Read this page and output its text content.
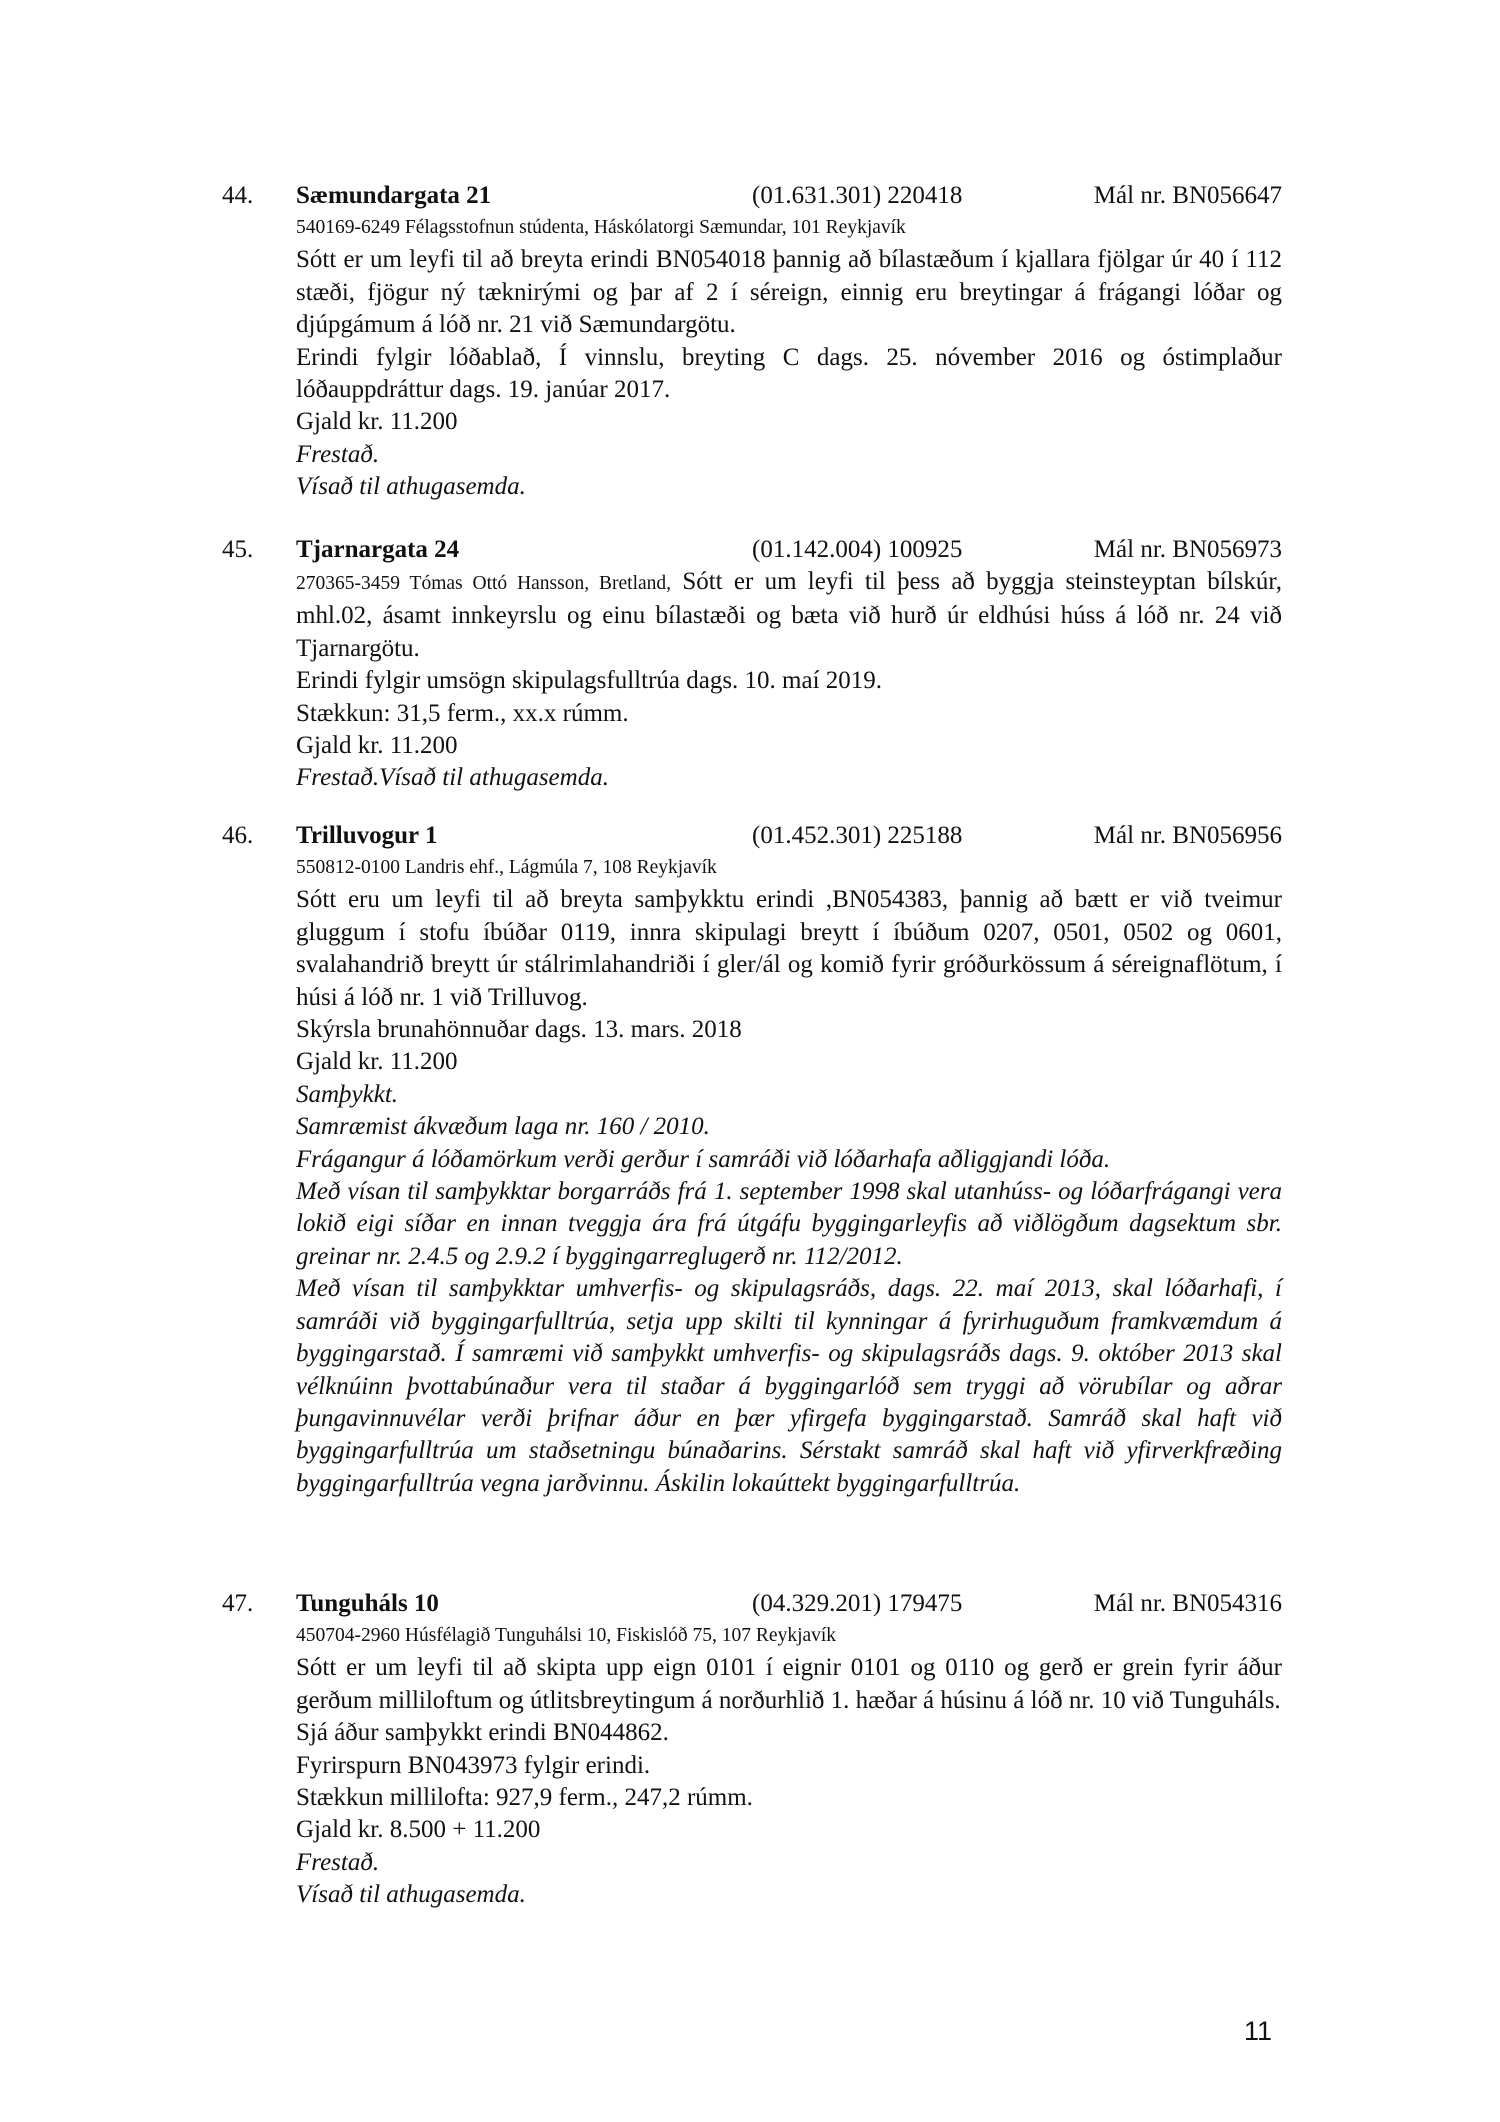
44. Sæmundargata 21	(01.631.301) 220418	Mál nr. BN056647

540169-6249 Félagsstofnun stúdenta, Háskólatorgi Sæmundar, 101 Reykjavík

Sótt er um leyfi til að breyta erindi BN054018 þannig að bílastæðum í kjallara fjölgar úr 40 í 112 stæði, fjögur ný tæknirými og þar af 2 í séreign, einnig eru breytingar á frágangi lóðar og djúpgámum á lóð nr. 21 við Sæmundargötu.

Erindi fylgir lóðablað, Í vinnslu, breyting C dags. 25. nóvember 2016 og óstimplaður lóðauppdráttur dags. 19. janúar 2017.

Gjald kr. 11.200

Frestað.

Vísað til athugasemda.

45. Tjarnargata 24	(01.142.004) 100925	Mál nr. BN056973

270365-3459 Tómas Ottó Hansson, Bretland, Sótt er um leyfi til þess að byggja steinsteyptan bílskúr, mhl.02, ásamt innkeyrslu og einu bílastæði og bæta við hurð úr eldhúsi húss á lóð nr. 24 við Tjarnargötu.

Erindi fylgir umsögn skipulagsfulltrúa dags. 10. maí 2019.

Stækkun: 31,5 ferm., xx.x rúmm.

Gjald kr. 11.200

Frestað.Vísað til athugasemda.

46. Trilluvogur 1	(01.452.301) 225188	Mál nr. BN056956

550812-0100 Landris ehf., Lágmúla 7, 108 Reykjavík

Sótt eru um leyfi til að breyta samþykktu erindi ,BN054383, þannig að bætt er við tveimur gluggum í stofu íbúðar 0119, innra skipulagi breytt í íbúðum 0207, 0501, 0502 og 0601, svalahandrið breytt úr stálrimlahandriði í gler/ál og komið fyrir gróðurkössum á séreignaflötum, í húsi á lóð nr. 1 við Trilluvog.

Skýrsla brunahönnuðar dags. 13. mars. 2018

Gjald kr. 11.200

Samþykkt.

Samræmist ákvæðum laga nr. 160 / 2010.

Frágangur á lóðamörkum verði gerður í samráði við lóðarhafa aðliggjandi lóða.

Með vísan til samþykktar borgarráðs frá 1. september 1998 skal utanhúss- og lóðarfrágangi vera lokið eigi síðar en innan tveggja ára frá útgáfu byggingarleyfis að viðlögðum dagsektum sbr. greinar nr. 2.4.5 og 2.9.2 í byggingarreglugerð nr. 112/2012.

Með vísan til samþykktar umhverfis- og skipulagsráðs, dags. 22. maí 2013, skal lóðarhafi, í samráði við byggingarfulltrúa, setja upp skilti til kynningar á fyrirhuguðum framkvæmdum á byggingarstað. Í samræmi við samþykkt umhverfis- og skipulagsráðs dags. 9. október 2013 skal vélknúinn þvottabúnaður vera til staðar á byggingarlóð sem tryggi að vörubílar og aðrar þungavinnuvélar verði þrifnar áður en þær yfirgefa byggingarstað. Samráð skal haft við byggingarfulltrúa um staðsetningu búnaðarins. Sérstakt samráð skal haft við yfirverkfræðing byggingarfulltrúa vegna jarðvinnu. Áskilin lokaúttekt byggingarfulltrúa.

47. Tunguháls 10	(04.329.201) 179475	Mál nr. BN054316

450704-2960 Húsfélagið Tunguhálsi 10, Fiskislóð 75, 107 Reykjavík

Sótt er um leyfi til að skipta upp eign 0101 í eignir 0101 og 0110 og gerð er grein fyrir áður gerðum milliloftum og útlitsbreytingum á norðurhlið 1. hæðar á húsinu á lóð nr. 10 við Tunguháls.

Sjá áður samþykkt erindi BN044862.

Fyrirspurn BN043973 fylgir erindi.

Stækkun millilofta: 927,9 ferm., 247,2 rúmm.

Gjald kr. 8.500 + 11.200

Frestað.

Vísað til athugasemda.

11
